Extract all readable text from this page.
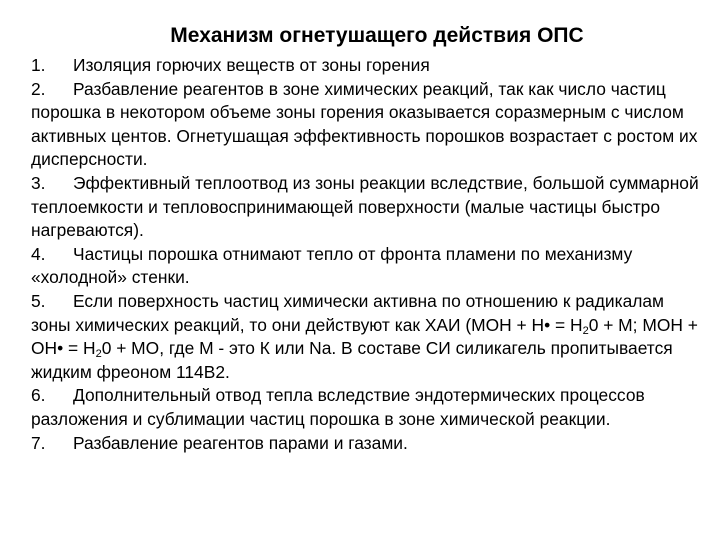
Механизм огнетушащего действия ОПС

1. Изоляция горючих веществ от зоны горения

2. Разбавление реагентов в зоне химических реакций, так как число частиц порошка в некотором объеме зоны горения оказывается соразмерным с числом активных центов. Огнетушащая эффективность порошков возрастает с ростом их дисперсности.

3. Эффективный теплоотвод из зоны реакции вследствие, большой суммарной теплоемкости и тепловоспринимающей поверхности (малые частицы быстро нагреваются).

4. Частицы порошка отнимают тепло от фронта пламени по механизму «холодной» стенки.

5. Если поверхность частиц химически активна по отношению к радикалам зоны химических реакций, то они действуют как ХАИ (МОН + Н• = $Н_20 + М$; МОН + ОН• = $Н_20$ + МО, где М - это К или Na. В составе СИ силикагель пропитывается жидким фреоном 114В2.

6. Дополнительный отвод тепла вследствие эндотермических процессов разложения и сублимации частиц порошка в зоне химической реакции.

7. Разбавление реагентов парами и газами.
